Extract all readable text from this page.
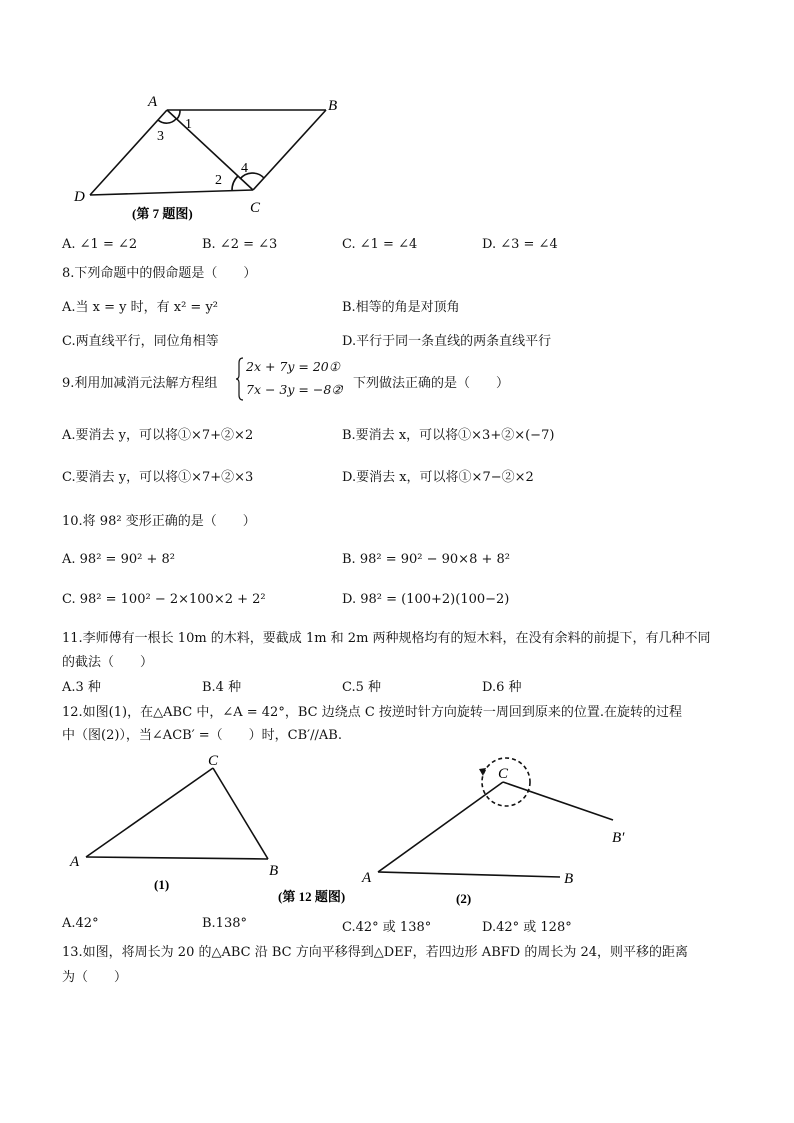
A	B
C
D
1
2
3
4
(第 7 题图)
A. ∠1 = ∠2	B. ∠2 = ∠3	C. ∠1 = ∠4	D. ∠3 = ∠4
8.下列命题中的假命题是（　　）
A.当 x = y 时，有 x² = y²	B.相等的角是对顶角
C.两直线平行，同位角相等	D.平行于同一条直线的两条直线平行
9.利用加减消元法解方程组
2x + 7y = 20①
7x − 3y = −8②
，下列做法正确的是（　　）
A.要消去 y，可以将①×7+②×2	B.要消去 x，可以将①×3+②×(−7)
C.要消去 y，可以将①×7+②×3	D.要消去 x，可以将①×7−②×2
10.将 98² 变形正确的是（　　）
A. 98² = 90² + 8²	B. 98² = 90² − 90×8 + 8²
C. 98² = 100² − 2×100×2 + 2²	D. 98² = (100+2)(100−2)
11.李师傅有一根长 10m 的木料，要截成 1m 和 2m 两种规格均有的短木料，在没有余料的前提下，有几种不同
的截法（　　）
A.3 种	B.4 种	C.5 种	D.6 种
12.如图(1)，在△ABC 中，∠A = 42°，BC 边绕点 C 按逆时针方向旋转一周回到原来的位置.在旋转的过程
中（图(2)），当∠ACB′ =（　　）时，CB′//AB.
A
B
C
(1)	A	B
C
B′
(第 12 题图)	(2)
A.42°	B.138°	C.42° 或 138°	D.42° 或 128°
13.如图，将周长为 20 的△ABC 沿 BC 方向平移得到△DEF，若四边形 ABFD 的周长为 24，则平移的距离
为（　　）
